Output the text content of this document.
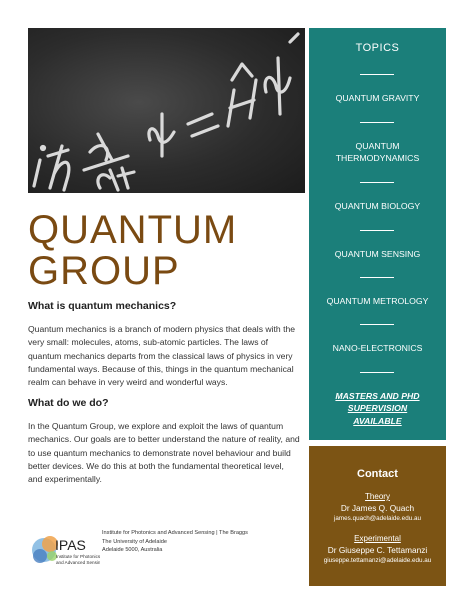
QUANTUM
GROUP
What is quantum mechanics?
Quantum mechanics is a branch of modern physics that deals with the
very small: molecules, atoms, sub-atomic particles. The laws of
quantum mechanics departs from the classical laws of physics in very
fundamental ways. Because of this, things in the quantum mechanical
realm can behave in very weird and wonderful ways.
What do we do?
In the Quantum Group, we explore and exploit the laws of quantum
mechanics. Our goals are to better understand the nature of reality, and
to use quantum mechanics to demonstrate novel behaviour and build
better devices. We do this at both the fundamental theoretical level,
and experimentally.
IPAS
Institute for Photonics
and Advanced Sensing
Institute for Photonics and Advanced Sensing | The Braggs
The University of Adelaide
Adelaide 5000, Australia
TOPICS
QUANTUM GRAVITY
QUANTUM
THERMODYNAMICS
QUANTUM BIOLOGY
QUANTUM SENSING
QUANTUM METROLOGY
NANO-ELECTRONICS
MASTERS AND PHD
SUPERVISION
AVAILABLE
Contact
Theory
Dr James Q. Quach
james.quach@adelaide.edu.au
Experimental
Dr Giuseppe C. Tettamanzi
giuseppe.tettamanzi@adelaide.edu.au
